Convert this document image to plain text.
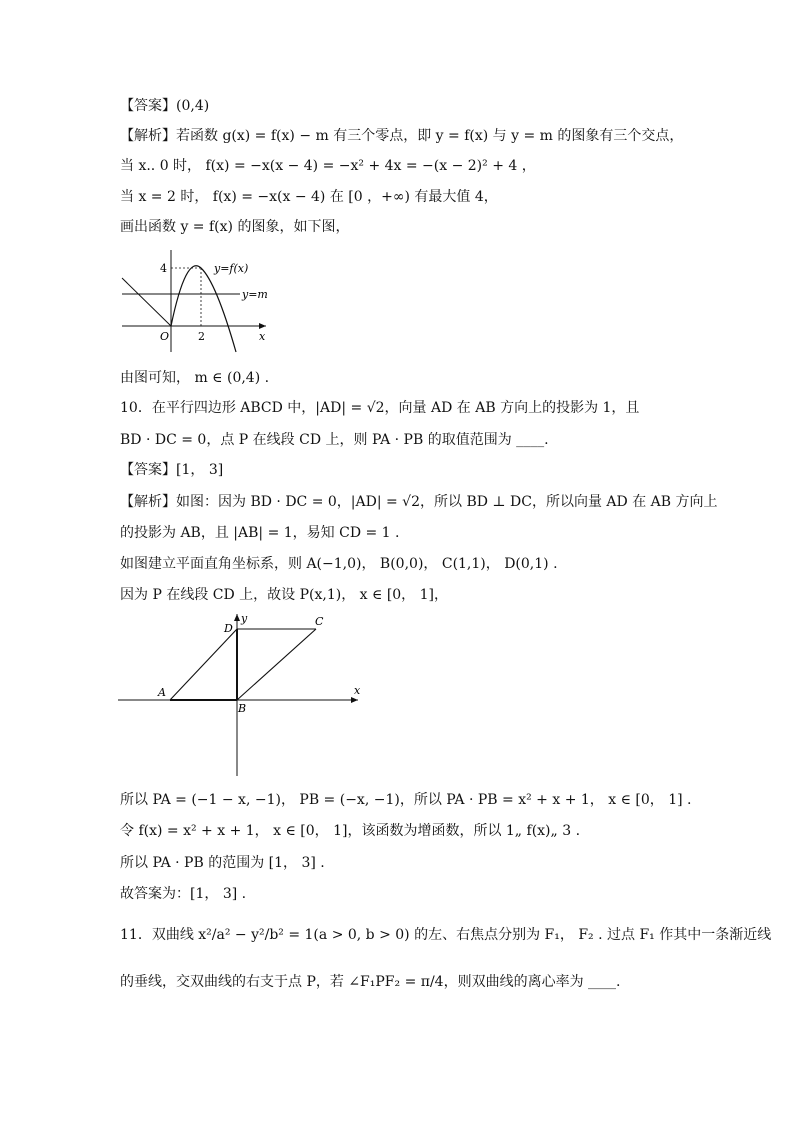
【答案】(0,4)
【解析】若函数 g(x) = f(x) − m 有三个零点，即 y = f(x) 与 y = m 的图象有三个交点，
当 x.. 0 时， f(x) = −x(x − 4) = −x² + 4x = −(x − 2)² + 4 ，
当 x = 2 时， f(x) = −x(x − 4) 在 [0 ，+∞) 有最大值 4，
画出函数 y = f(x) 的图象，如下图，
4
2
O	x
y=f(x)
y=m
由图可知， m ∈ (0,4) .
10．在平行四边形 ABCD 中，|AD| = √2，向量 AD 在 AB 方向上的投影为 1，且
BD · DC = 0，点 P 在线段 CD 上，则 PA · PB 的取值范围为 ____.
【答案】[1， 3]
【解析】如图：因为 BD · DC = 0，|AD| = √2，所以 BD ⊥ DC，所以向量 AD 在 AB 方向上
的投影为 AB，且 |AB| = 1，易知 CD = 1 .
如图建立平面直角坐标系，则 A(−1,0)， B(0,0)， C(1,1)， D(0,1) .
因为 P 在线段 CD 上，故设 P(x,1)， x ∈ [0， 1]，
D
y	C
A
B
x
所以 PA = (−1 − x, −1)， PB = (−x, −1)，所以 PA · PB = x² + x + 1， x ∈ [0， 1] .
令 f(x) = x² + x + 1， x ∈ [0， 1]，该函数为增函数，所以 1„ f(x)„ 3 .
所以 PA · PB 的范围为 [1， 3] .
故答案为：[1， 3] .
11．双曲线 x²/a² − y²/b² = 1(a > 0, b > 0) 的左、右焦点分别为 F₁， F₂ . 过点 F₁ 作其中一条渐近线
的垂线，交双曲线的右支于点 P，若 ∠F₁PF₂ = π/4，则双曲线的离心率为 ____.
